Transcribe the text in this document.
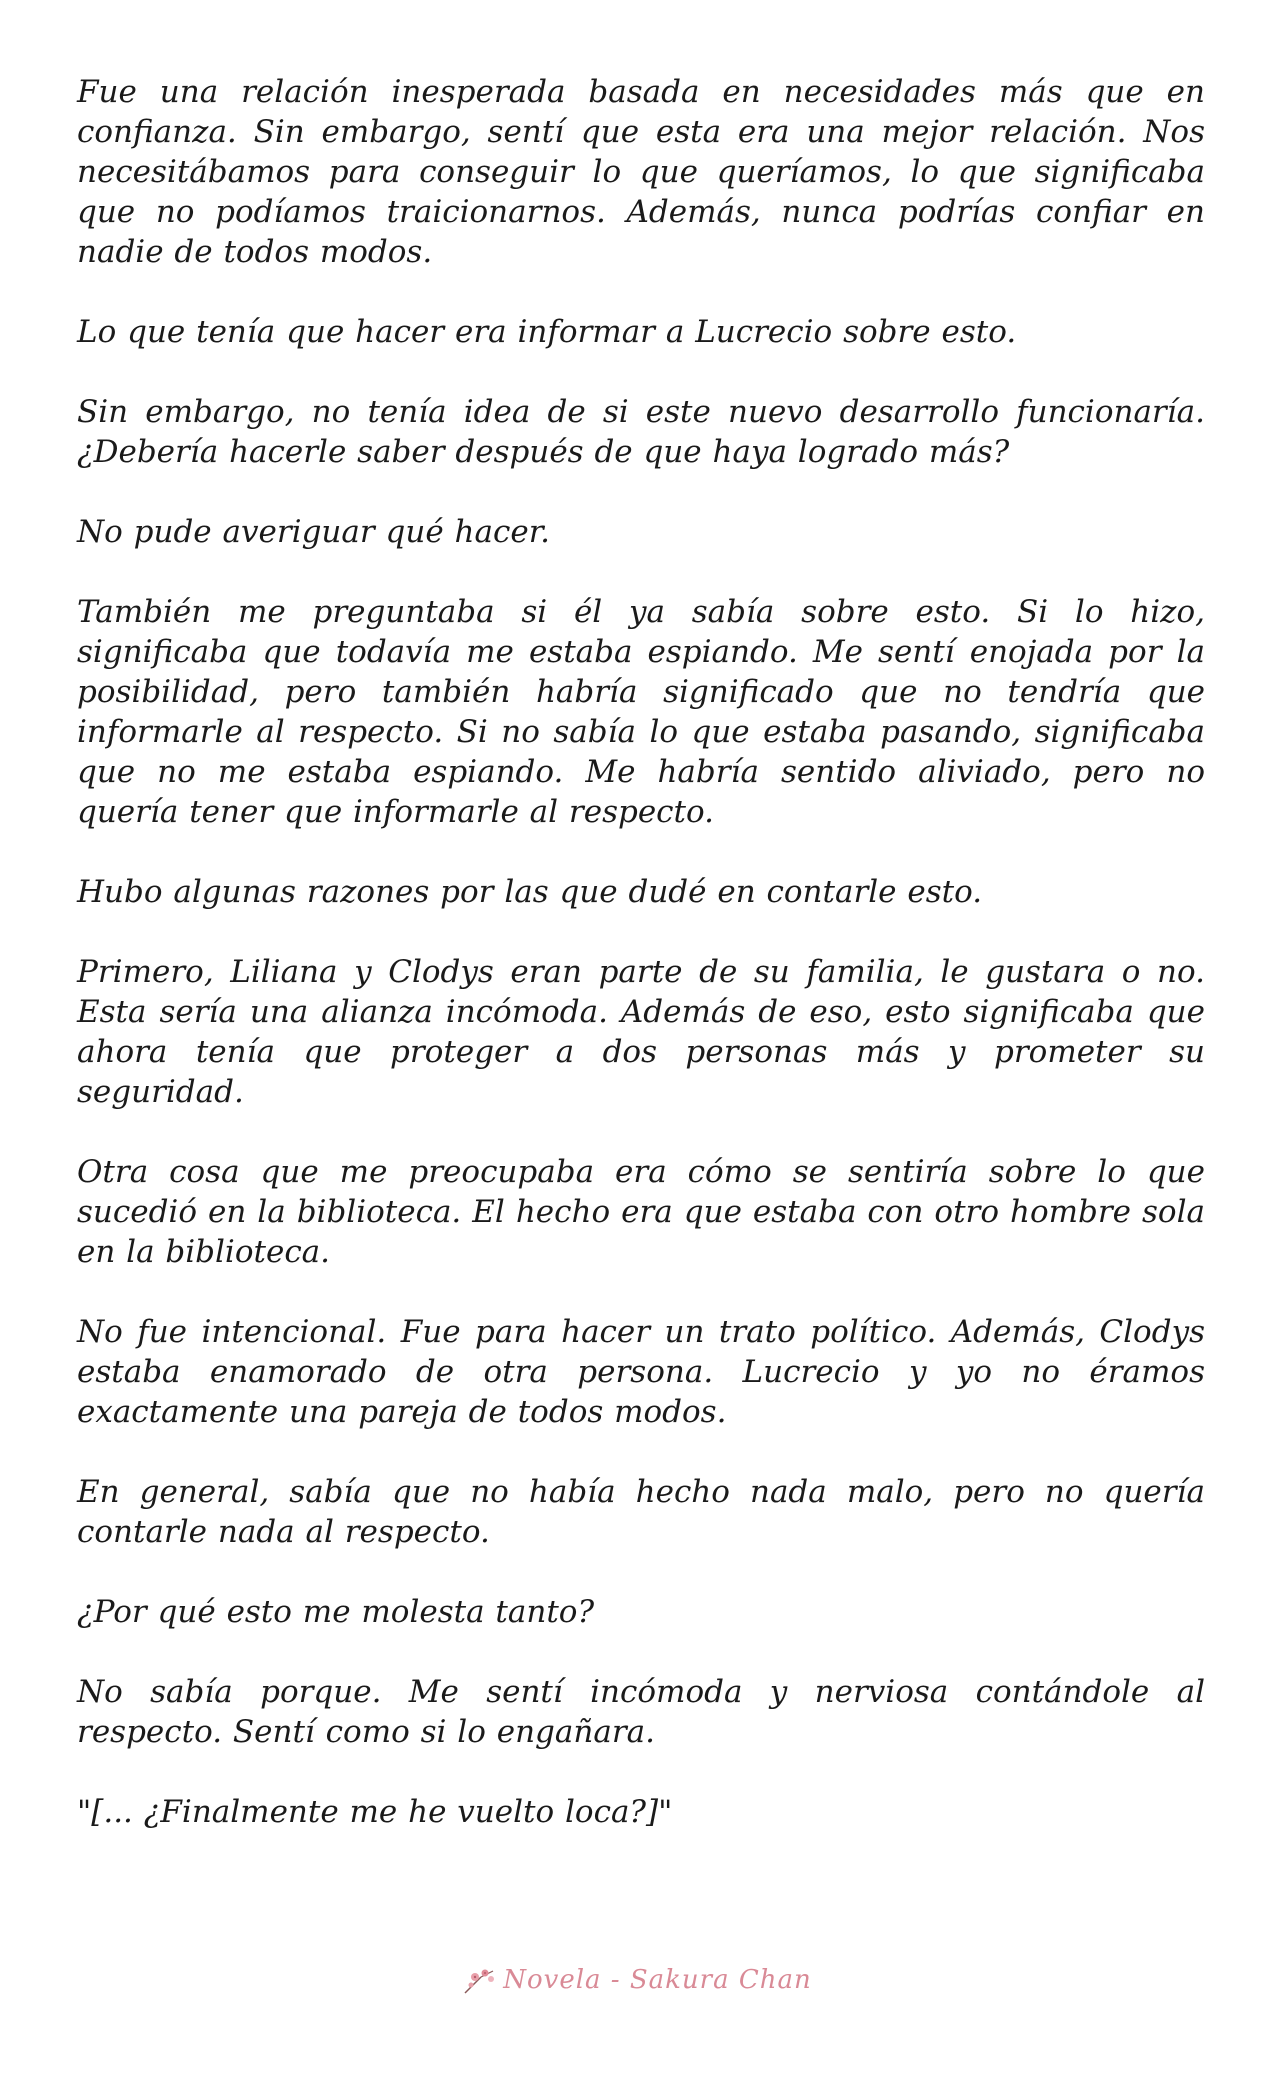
Fue una relación inesperada basada en necesidades más que en confianza. Sin embargo, sentí que esta era una mejor relación. Nos necesitábamos para conseguir lo que queríamos, lo que significaba que no podíamos traicionarnos. Además, nunca podrías confiar en nadie de todos modos.

Lo que tenía que hacer era informar a Lucrecio sobre esto.

Sin embargo, no tenía idea de si este nuevo desarrollo funcionaría. ¿Debería hacerle saber después de que haya logrado más?

No pude averiguar qué hacer.

También me preguntaba si él ya sabía sobre esto. Si lo hizo, significaba que todavía me estaba espiando. Me sentí enojada por la posibilidad, pero también habría significado que no tendría que informarle al respecto. Si no sabía lo que estaba pasando, significaba que no me estaba espiando. Me habría sentido aliviado, pero no quería tener que informarle al respecto.

Hubo algunas razones por las que dudé en contarle esto.

Primero, Liliana y Clodys eran parte de su familia, le gustara o no. Esta sería una alianza incómoda. Además de eso, esto significaba que ahora tenía que proteger a dos personas más y prometer su seguridad.

Otra cosa que me preocupaba era cómo se sentiría sobre lo que sucedió en la biblioteca. El hecho era que estaba con otro hombre sola en la biblioteca.

No fue intencional. Fue para hacer un trato político. Además, Clodys estaba enamorado de otra persona. Lucrecio y yo no éramos exactamente una pareja de todos modos.

En general, sabía que no había hecho nada malo, pero no quería contarle nada al respecto.

¿Por qué esto me molesta tanto?

No sabía porque. Me sentí incómoda y nerviosa contándole al respecto. Sentí como si lo engañara.

"[... ¿Finalmente me he vuelto loca?]"

Novela - Sakura Chan
